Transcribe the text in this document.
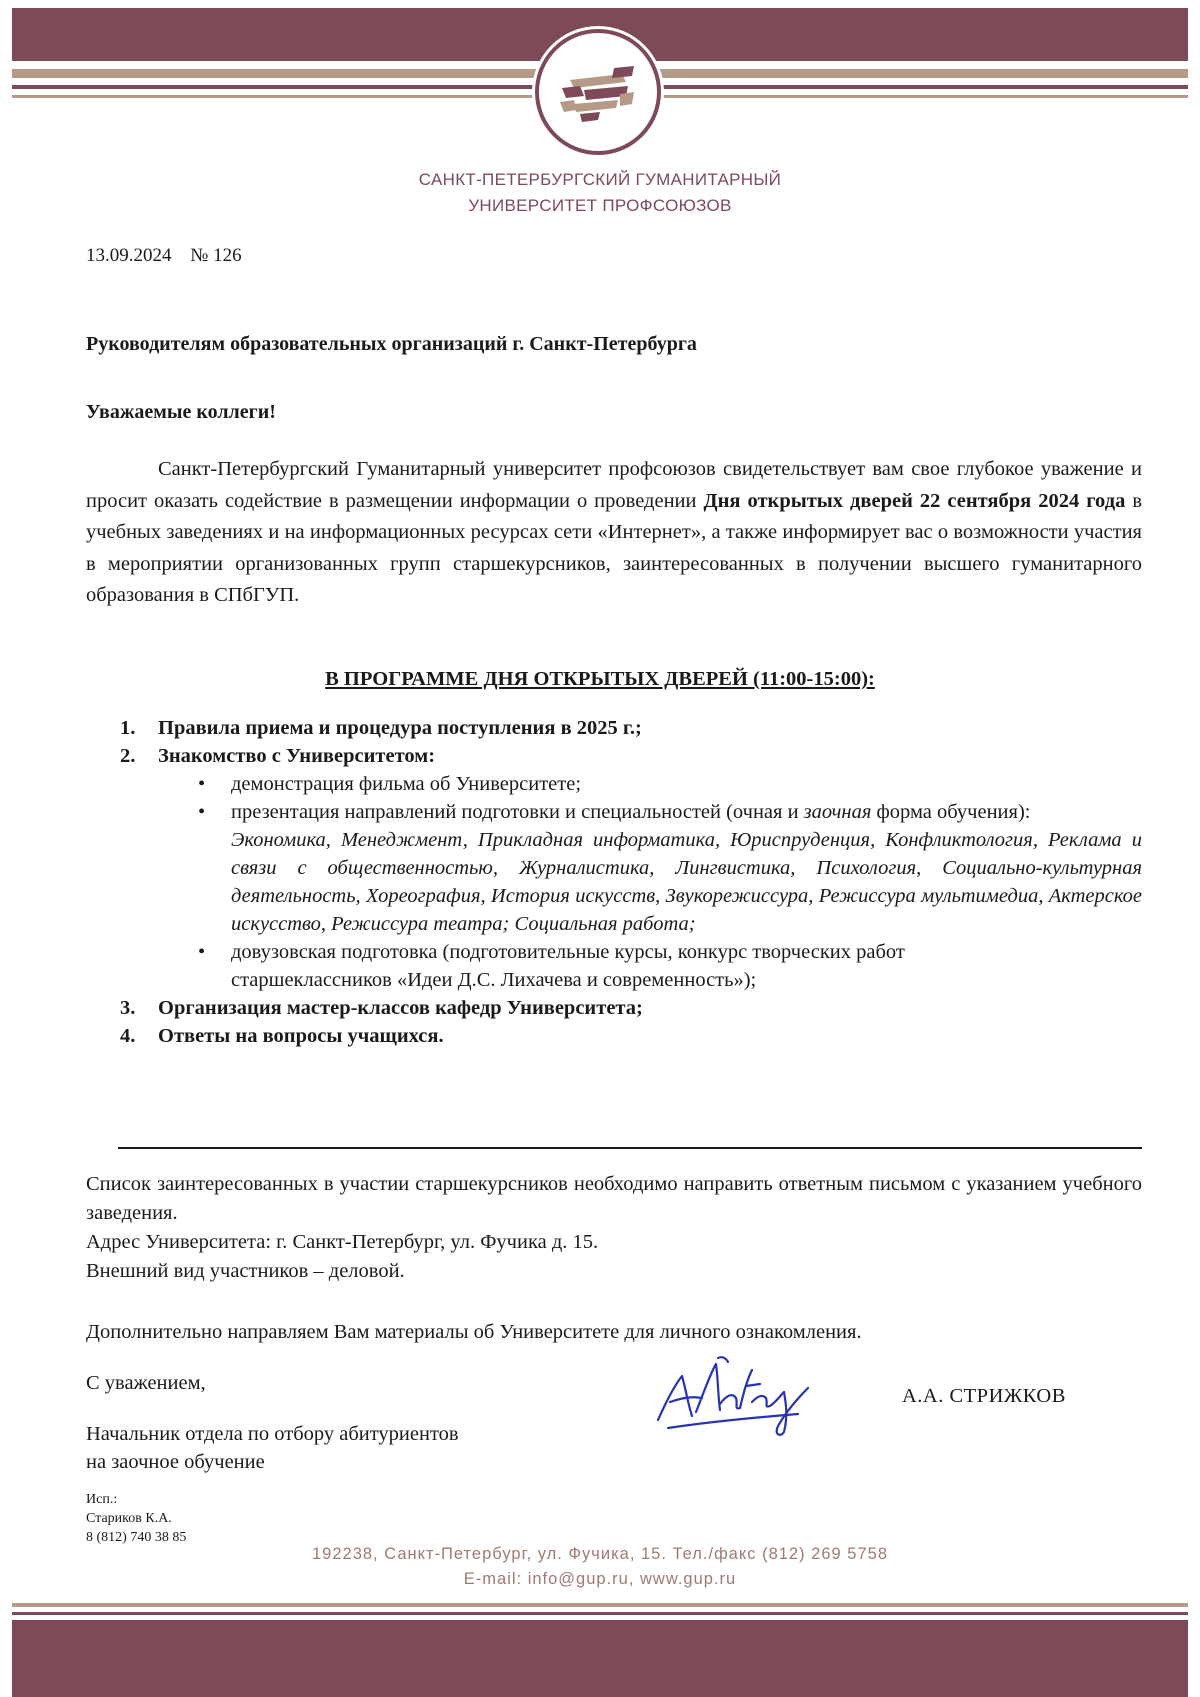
САНКТ-ПЕТЕРБУРГСКИЙ ГУМАНИТАРНЫЙ
УНИВЕРСИТЕТ ПРОФСОЮЗОВ
13.09.2024 № 126
Руководителям образовательных организаций г. Санкт-Петербурга
Уважаемые коллеги!
Санкт-Петербургский Гуманитарный университет профсоюзов свидетельствует вам свое глубокое уважение и просит оказать содействие в размещении информации о проведении Дня открытых дверей 22 сентября 2024 года в учебных заведениях и на информационных ресурсах сети «Интернет», а также информирует вас о возможности участия в мероприятии организованных групп старшекурсников, заинтересованных в получении высшего гуманитарного образования в СПбГУП.
В ПРОГРАММЕ ДНЯ ОТКРЫТЫХ ДВЕРЕЙ (11:00-15:00):
1. Правила приема и процедура поступления в 2025 г.;
2. Знакомство с Университетом:
• демонстрация фильма об Университете;
• презентация направлений подготовки и специальностей (очная и заочная форма обучения):
Экономика, Менеджмент, Прикладная информатика, Юриспруденция, Конфликтология, Реклама и связи с общественностью, Журналистика, Лингвистика, Психология, Социально-культурная деятельность, Хореография, История искусств, Звукорежиссура, Режиссура мультимедиа, Актерское искусство, Режиссура театра; Социальная работа;
• довузовская подготовка (подготовительные курсы, конкурс творческих работ
старшеклассников «Идеи Д.С. Лихачева и современность»);
3. Организация мастер-классов кафедр Университета;
4. Ответы на вопросы учащихся.
Список заинтересованных в участии старшекурсников необходимо направить ответным письмом с указанием учебного заведения.
Адрес Университета: г. Санкт-Петербург, ул. Фучика д. 15.
Внешний вид участников – деловой.
Дополнительно направляем Вам материалы об Университете для личного ознакомления.
С уважением,
А.А. СТРИЖКОВ
Начальник отдела по отбору абитуриентов
на заочное обучение
Исп.:
Стариков К.А.
8 (812) 740 38 85
192238, Санкт-Петербург, ул. Фучика, 15. Тел./факс (812) 269 5758
E-mail: info@gup.ru, www.gup.ru
